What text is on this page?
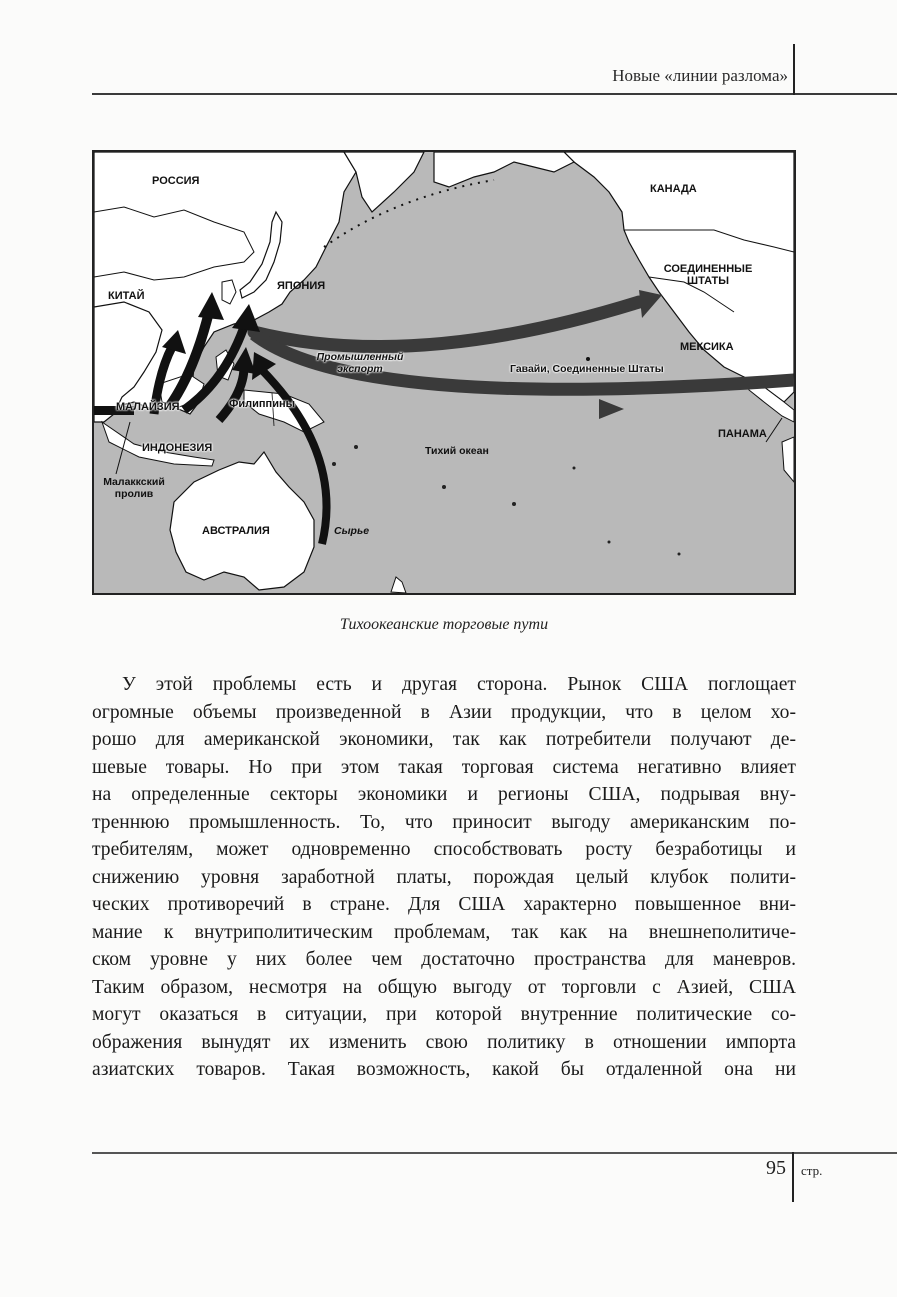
Новые «линии разлома»
РОССИЯ
КИТАЙ
ЯПОНИЯ
КАНАДА
СОЕДИНЕННЫЕ
ШТАТЫ
МЕКСИКА
ПАНАМА
Гавайи, Соединенные Штаты
Промышленный
экспорт
МАЛАЙЗИЯ	Филиппины
ИНДОНЕЗИЯ
Малаккский
пролив
Тихий океан
АВСТРАЛИЯ	Сырье
Тихоокеанские торговые пути
У этой проблемы есть и другая сторона. Рынок США поглощает
огромные объемы произведенной в Азии продукции, что в целом хо-
рошо для американской экономики, так как потребители получают де-
шевые товары. Но при этом такая торговая система негативно влияет
на определенные секторы экономики и регионы США, подрывая вну-
треннюю промышленность. То, что приносит выгоду американским по-
требителям, может одновременно способствовать росту безработицы и
снижению уровня заработной платы, порождая целый клубок полити-
ческих противоречий в стране. Для США характерно повышенное вни-
мание к внутриполитическим проблемам, так как на внешнеполитиче-
ском уровне у них более чем достаточно пространства для маневров.
Таким образом, несмотря на общую выгоду от торговли с Азией, США
могут оказаться в ситуации, при которой внутренние политические со-
ображения вынудят их изменить свою политику в отношении импорта
азиатских товаров. Такая возможность, какой бы отдаленной она ни
95 стр.
